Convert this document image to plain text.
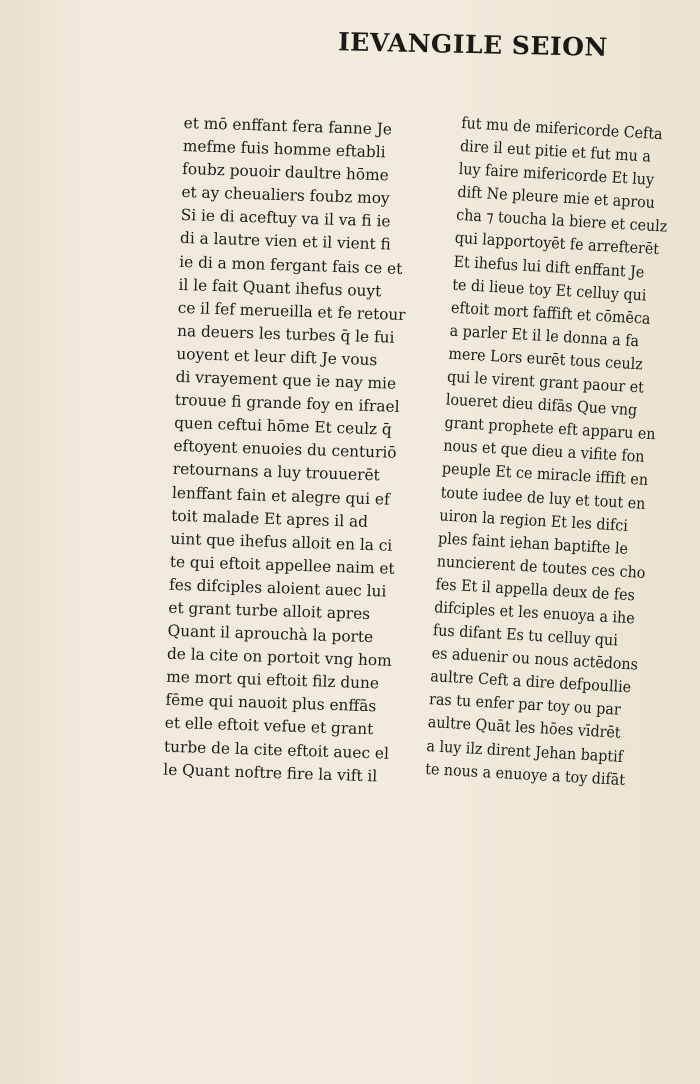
IEVANGILE SEION
et mō enffant fera fanne Je
mefme fuis homme eftabli
foubz pouoir daultre hōme
et ay cheualiers foubz moy
Si ie di aceftuy va il va fi ie
di a lautre vien et il vient fi
ie di a mon fergant fais ce et
il le fait Quant ihefus ouyt
ce il fef merueilla et fe retour
na deuers les turbes q̄ le fui
uoyent et leur dift Je vous
di vrayement que ie nay mie
trouue fi grande foy en ifrael
quen ceftui hōme Et ceulz q̄
eftoyent enuoies du centuriō
retournans a luy trouuerēt
lenffant fain et alegre qui ef
toit malade Et apres il ad
uint que ihefus alloit en la ci
te qui eftoit appellee naim et
fes difciples aloient auec lui
et grant turbe alloit apres
Quant il aprouchà la porte
de la cite on portoit vng hom
me mort qui eftoit filz dune
fēme qui nauoit plus enffās
et elle eftoit vefue et grant
turbe de la cite eftoit auec el
le Quant noftre fire la vift il

fut mu de mifericorde Cefta
dire il eut pitie et fut mu a
luy faire mifericorde Et luy
dift Ne pleure mie et aprou
cha ⁊ toucha la biere et ceulz
qui lapportoyēt fe arrefterēt
Et ihefus lui dift enffant Je
te di lieue toy Et celluy qui
eftoit mort faffift et cōmēca
a parler Et il le donna a fa
mere Lors eurēt tous ceulz
qui le virent grant paour et
loueret dieu difās Que vng
grant prophete eft apparu en
nous et que dieu a vifite fon
peuple Et ce miracle iffift en
toute iudee de luy et tout en
uiron la region Et les difci
ples faint iehan baptifte le
nuncierent de toutes ces cho
fes Et il appella deux de fes
difciples et les enuoya a ihe
fus difant Es tu celluy qui
es aduenir ou nous actēdons
aultre Ceft a dire defpoullie
ras tu enfer par toy ou par
aultre Quāt les hōes vīdrēt
a luy ilz dirent Jehan baptif
te nous a enuoye a toy difāt
